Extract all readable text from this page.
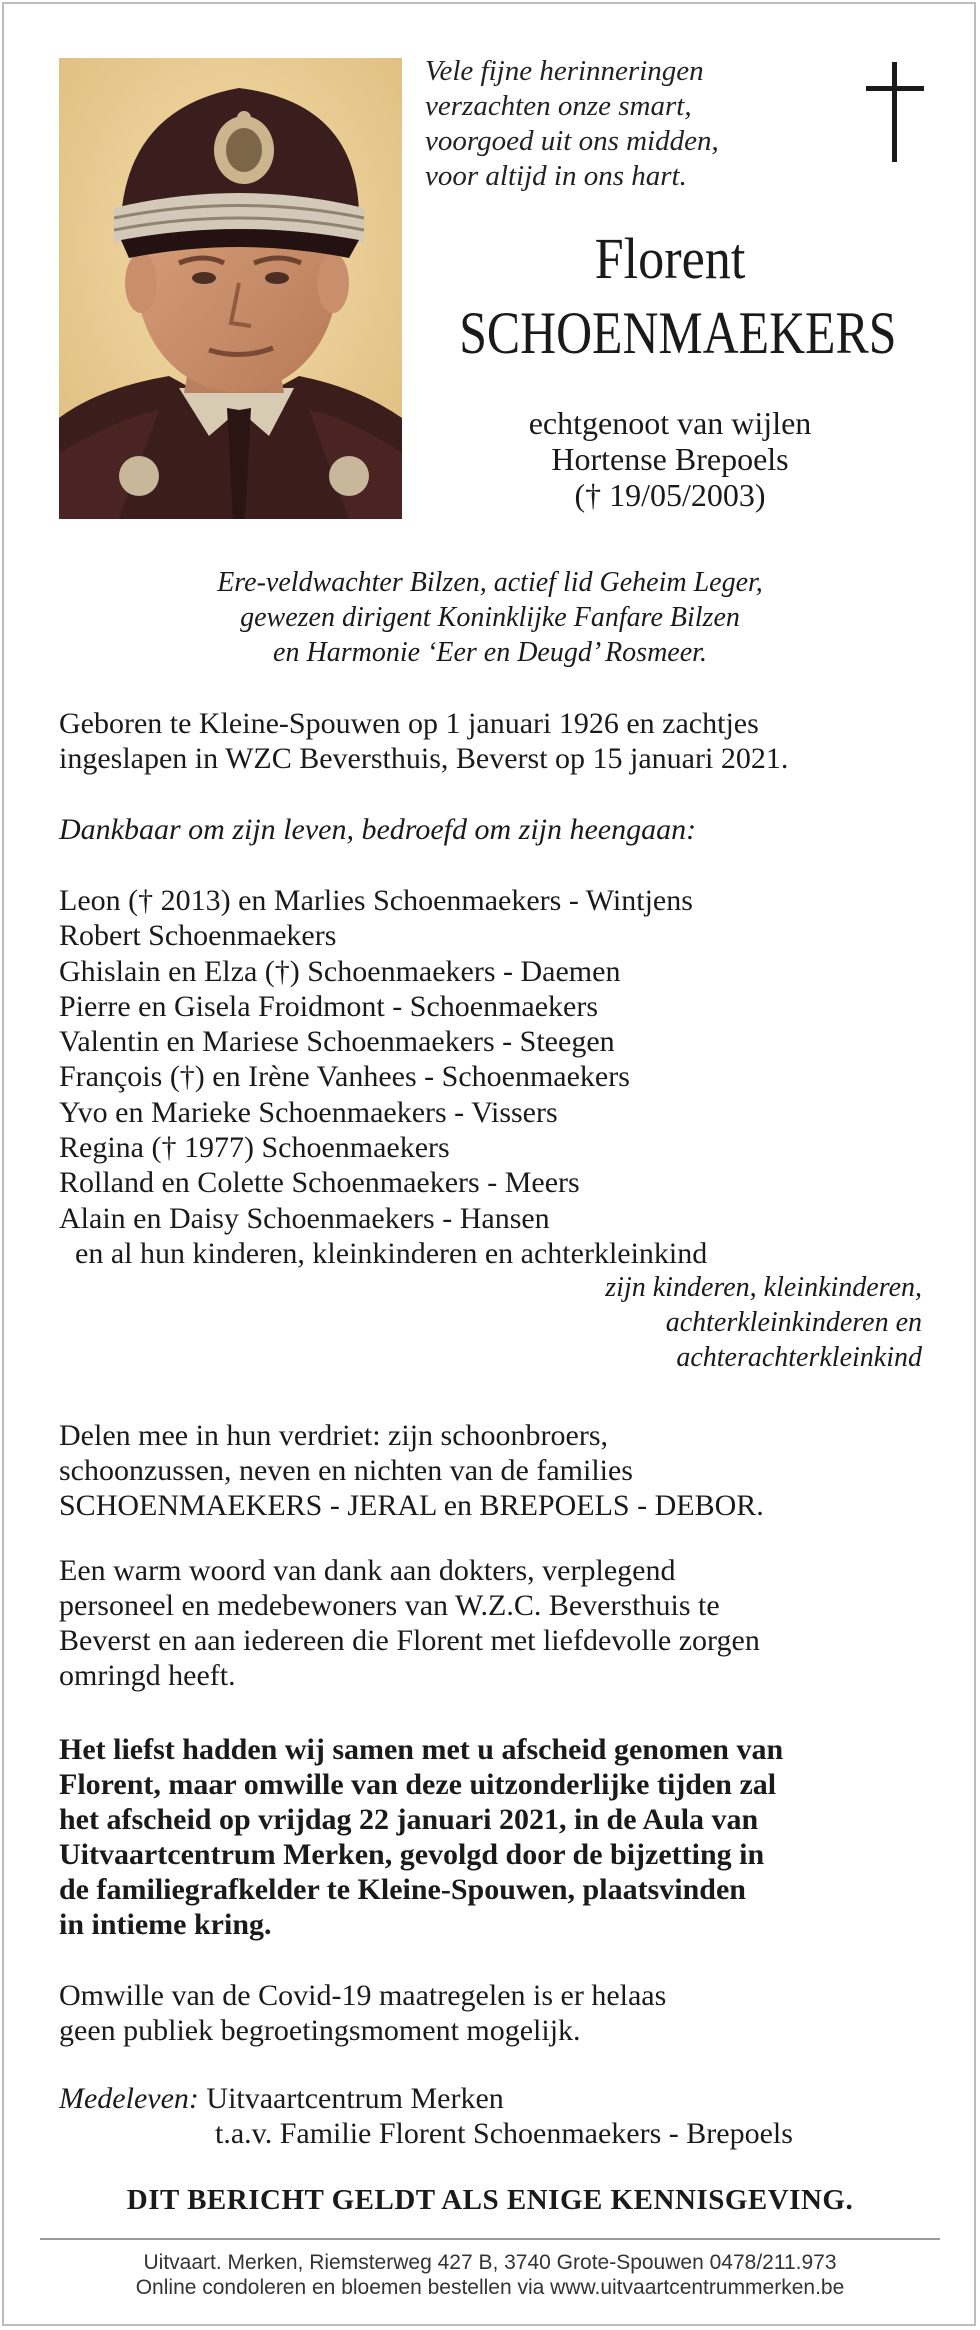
Vele fijne herinneringen
verzachten onze smart,
voorgoed uit ons midden,
voor altijd in ons hart.
Florent
SCHOENMAEKERS
echtgenoot van wijlen
Hortense Brepoels
(† 19/05/2003)
Ere-veldwachter Bilzen, actief lid Geheim Leger,
gewezen dirigent Koninklijke Fanfare Bilzen
en Harmonie ‘Eer en Deugd’ Rosmeer.
Geboren te Kleine-Spouwen op 1 januari 1926 en zachtjes
ingeslapen in WZC Beversthuis, Beverst op 15 januari 2021.
Dankbaar om zijn leven, bedroefd om zijn heengaan:
Leon († 2013) en Marlies Schoenmaekers - Wintjens
Robert Schoenmaekers
Ghislain en Elza (†) Schoenmaekers - Daemen
Pierre en Gisela Froidmont - Schoenmaekers
Valentin en Mariese Schoenmaekers - Steegen
François (†) en Irène Vanhees - Schoenmaekers
Yvo en Marieke Schoenmaekers - Vissers
Regina († 1977) Schoenmaekers
Rolland en Colette Schoenmaekers - Meers
Alain en Daisy Schoenmaekers - Hansen
en al hun kinderen, kleinkinderen en achterkleinkind
zijn kinderen, kleinkinderen,
achterkleinkinderen en
achterachterkleinkind
Delen mee in hun verdriet: zijn schoonbroers,
schoonzussen, neven en nichten van de families
SCHOENMAEKERS - JERAL en BREPOELS - DEBOR.
Een warm woord van dank aan dokters, verplegend
personeel en medebewoners van W.Z.C. Beversthuis te
Beverst en aan iedereen die Florent met liefdevolle zorgen
omringd heeft.
Het liefst hadden wij samen met u afscheid genomen van
Florent, maar omwille van deze uitzonderlijke tijden zal
het afscheid op vrijdag 22 januari 2021, in de Aula van
Uitvaartcentrum Merken, gevolgd door de bijzetting in
de familiegrafkelder te Kleine-Spouwen, plaatsvinden
in intieme kring.
Omwille van de Covid-19 maatregelen is er helaas
geen publiek begroetingsmoment mogelijk.
Medeleven: Uitvaartcentrum Merken
t.a.v. Familie Florent Schoenmaekers - Brepoels
DIT BERICHT GELDT ALS ENIGE KENNISGEVING.
Uitvaart. Merken, Riemsterweg 427 B, 3740 Grote-Spouwen 0478/211.973
Online condoleren en bloemen bestellen via www.uitvaartcentrummerken.be
